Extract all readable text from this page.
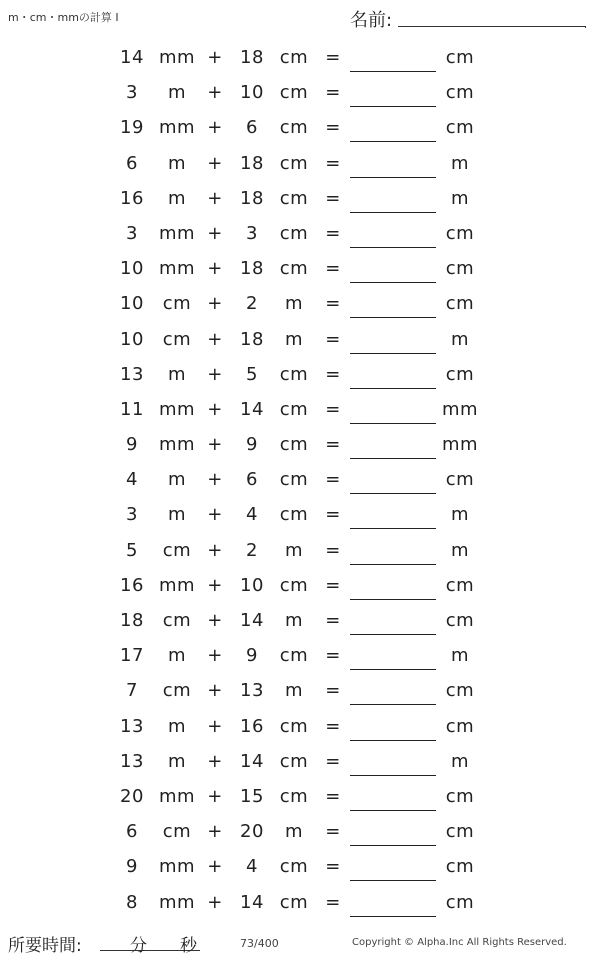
m・cm・mmの計算 I	名前:	.
14 mm + 18 cm =	cm
3	m	+ 10 cm =	cm
19 mm +	6	cm =	cm
6	m	+ 18 cm =	m
16	m	+ 18 cm =	m
3	mm +	3	cm =	cm
10 mm + 18 cm =	cm
10	cm +	2	m	=	cm
10	cm + 18	m	=	m
13	m	+	5	cm =	cm
11 mm + 14 cm =	mm
9	mm +	9	cm =	mm
4	m	+	6	cm =	cm
3	m	+	4	cm =	m
5	cm +	2	m	=	m
16 mm + 10 cm =	cm
18	cm + 14	m	=	cm
17	m	+	9	cm =	m
7	cm + 13	m	=	cm
13	m	+ 16 cm =	cm
13	m	+ 14 cm =	m
20 mm + 15 cm =	cm
6	cm + 20	m	=	cm
9	mm +	4	cm =	cm
8	mm + 14 cm =	cm
所要時間:	分 秒	73/400	Copyright © Alpha.Inc All Rights Reserved.
